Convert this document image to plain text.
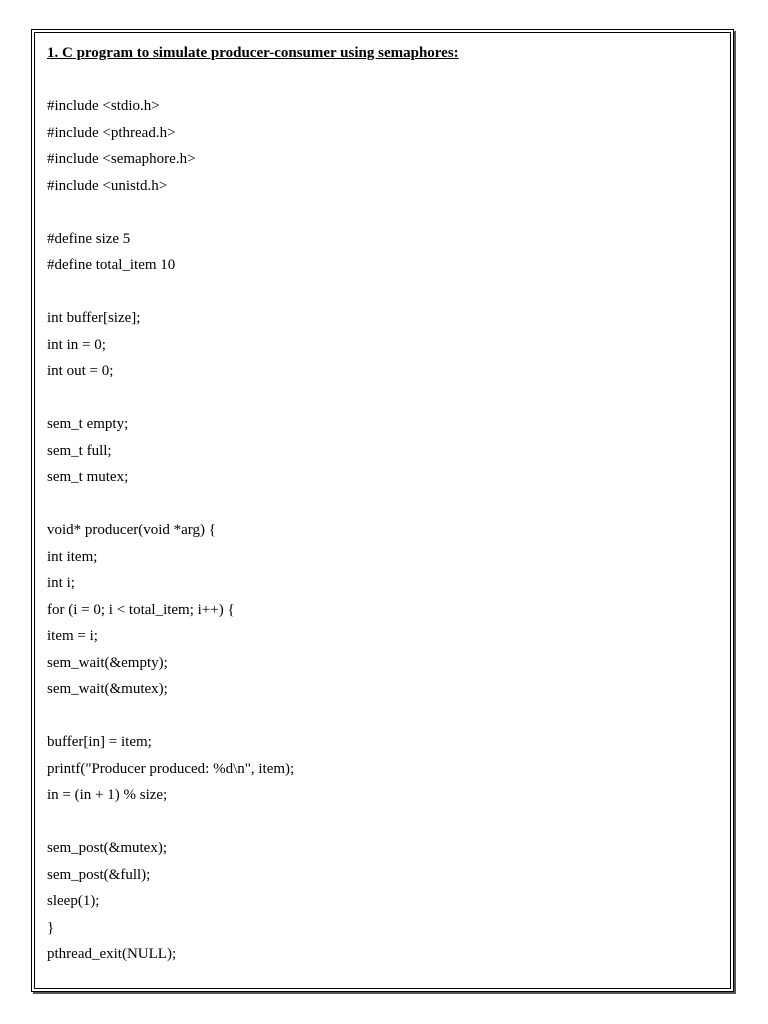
1. C program to simulate producer-consumer using semaphores:
#include <stdio.h>
#include <pthread.h>
#include <semaphore.h>
#include <unistd.h>
#define size 5
#define total_item 10
int buffer[size];
int in = 0;
int out = 0;
sem_t empty;
sem_t full;
sem_t mutex;
void* producer(void *arg) {
int item;
int i;
for (i = 0; i < total_item; i++) {
item = i;
sem_wait(&empty);
sem_wait(&mutex);
buffer[in] = item;
printf("Producer produced: %d\n", item);
in = (in + 1) % size;
sem_post(&mutex);
sem_post(&full);
sleep(1);
}
pthread_exit(NULL);
